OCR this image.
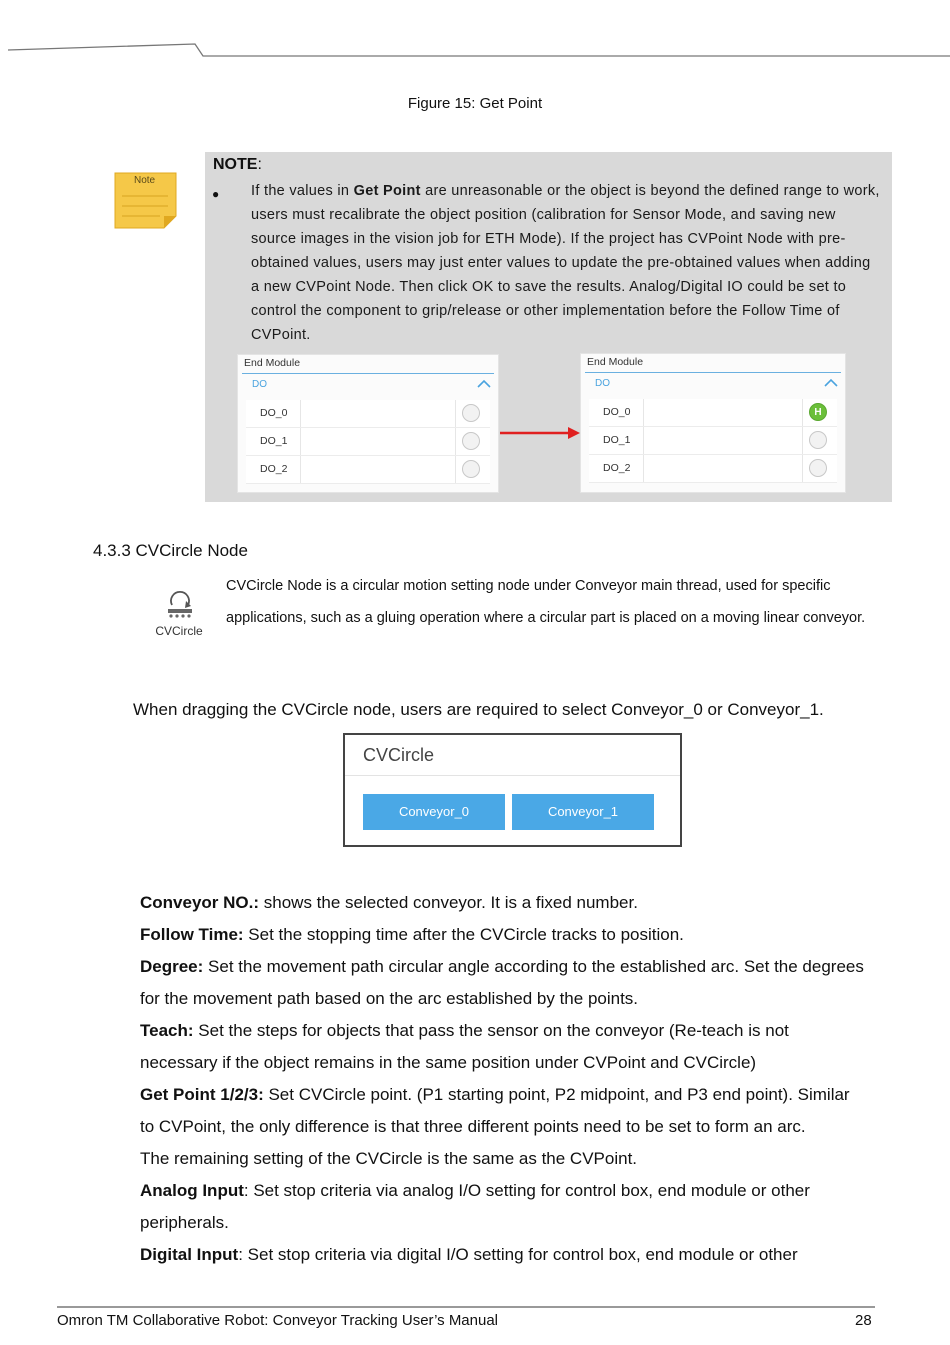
Figure 15: Get Point
Note
NOTE:
● If the values in Get Point are unreasonable or the object is beyond the defined range to work, users must recalibrate the object position (calibration for Sensor Mode, and saving new source images in the vision job for ETH Mode). If the project has CVPoint Node with pre-obtained values, users may just enter values to update the pre-obtained values when adding a new CVPoint Node. Then click OK to save the results. Analog/Digital IO could be set to control the component to grip/release or other implementation before the Follow Time of CVPoint.
End Module
DO
DO_0
DO_1
DO_2
End Module
DO
DO_0	H
DO_1
DO_2
4.3.3 CVCircle Node
CVCircle
CVCircle Node is a circular motion setting node under Conveyor main thread, used for specific applications, such as a gluing operation where a circular part is placed on a moving linear conveyor.
When dragging the CVCircle node, users are required to select Conveyor_0 or Conveyor_1.
CVCircle
Conveyor_0	Conveyor_1
Conveyor NO.: shows the selected conveyor. It is a fixed number.
Follow Time: Set the stopping time after the CVCircle tracks to position.
Degree: Set the movement path circular angle according to the established arc. Set the degrees
for the movement path based on the arc established by the points.
Teach: Set the steps for objects that pass the sensor on the conveyor (Re-teach is not
necessary if the object remains in the same position under CVPoint and CVCircle)
Get Point 1/2/3: Set CVCircle point. (P1 starting point, P2 midpoint, and P3 end point). Similar
to CVPoint, the only difference is that three different points need to be set to form an arc.
The remaining setting of the CVCircle is the same as the CVPoint.
Analog Input: Set stop criteria via analog I/O setting for control box, end module or other
peripherals.
Digital Input: Set stop criteria via digital I/O setting for control box, end module or other
Omron TM Collaborative Robot: Conveyor Tracking User’s Manual	28
